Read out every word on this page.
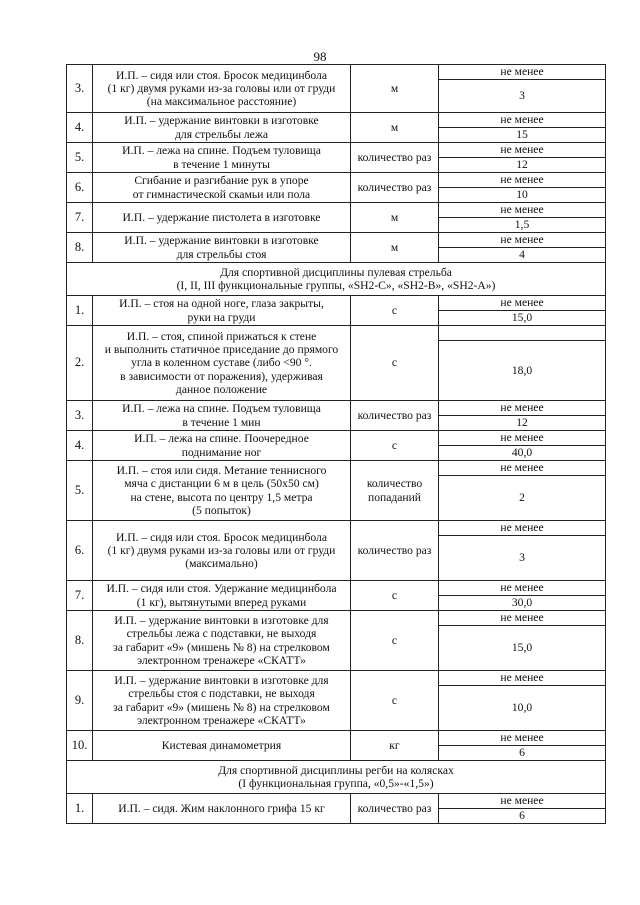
98
3.	И.П. – сидя или стоя. Бросок медицинбола
(1 кг) двумя руками из-за головы или от груди
(на максимальное расстояние)	м	не менее
			3
4.	И.П. – удержание винтовки в изготовке
для стрельбы лежа	м	не менее
			15
5.	И.П. – лежа на спине. Подъем туловища
в течение 1 минуты	количество раз	не менее
			12
6.	Сгибание и разгибание рук в упоре
от гимнастической скамьи или пола	количество раз	не менее
			10
7.	И.П. – удержание пистолета в изготовке	м	не менее
			1,5
8.	И.П. – удержание винтовки в изготовке
для стрельбы стоя	м	не менее
			4

Для спортивной дисциплины пулевая стрельба
(I, II, III функциональные группы, «SH2-C», «SH2-B», «SH2-A»)			

1.	И.П. – стоя на одной ноге, глаза закрыты,
руки на груди	с	не менее
			15,0
2.	И.П. – стоя, спиной прижаться к стене
и выполнить статичное приседание до прямого
угла в коленном суставе (либо <90 °.
в зависимости от поражения), удерживая
данное положение	с	
			18,0
3.	И.П. – лежа на спине. Подъем туловища
в течение 1 мин	количество раз	не менее
			12
4.	И.П. – лежа на спине. Поочередное
поднимание ног	с	не менее
			40,0
5.	И.П. – стоя или сидя. Метание теннисного
мяча с дистанции 6 м в цель (50x50 см)
на стене, высота по центру 1,5 метра
(5 попыток)	количество попаданий	не менее
			2
6.	И.П. – сидя или стоя. Бросок медицинбола
(1 кг) двумя руками из-за головы или от груди
(максимально)	количество раз	не менее
			3
7.	И.П. – сидя или стоя. Удержание медицинбола
(1 кг), вытянутыми вперед руками	с	не менее
			30,0
8.	И.П. – удержание винтовки в изготовке для
стрельбы лежа с подставки, не выходя
за габарит «9» (мишень № 8) на стрелковом
электронном тренажере «СКАТТ»	с	не менее
			15,0
9.	И.П. – удержание винтовки в изготовке для
стрельбы стоя с подставки, не выходя
за габарит «9» (мишень № 8) на стрелковом
электронном тренажере «СКАТТ»	с	не менее
			10,0
10.	Кистевая динамометрия	кг	не менее
			6

Для спортивной дисциплины регби на колясках
(I функциональная группа, «0,5»-«1,5»)			

1.	И.П. – сидя. Жим наклонного грифа 15 кг	количество раз	не менее
			6
